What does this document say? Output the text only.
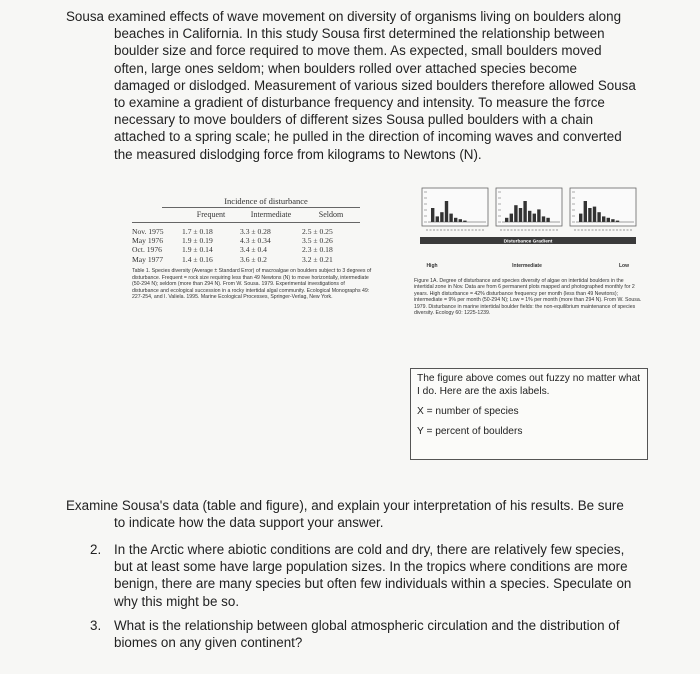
Sousa examined effects of wave movement on diversity of organisms living on boulders along beaches in California. In this study Sousa first determined the relationship between boulder size and force required to move them. As expected, small boulders moved often, large ones seldom; when boulders rolled over attached species become damaged or dislodged. Measurement of various sized boulders therefore allowed Sousa to examine a gradient of disturbance frequency and intensity. To measure the fσrce necessary to move boulders of different sizes Sousa pulled boulders with a chain attached to a spring scale; he pulled in the direction of incoming waves and converted the measured dislodging force from kilograms to Newtons (N).

Incidence of disturbance
Frequent	Intermediate	Seldom
Nov. 1975	1.7 ± 0.18	3.3 ± 0.28	2.5 ± 0.25
May 1976	1.9 ± 0.19	4.3 ± 0.34	3.5 ± 0.26
Oct. 1976	1.9 ± 0.14	3.4 ± 0.4	2.3 ± 0.18
May 1977	1.4 ± 0.16	3.6 ± 0.2	3.2 ± 0.21
Table 1. Species diversity (Average ± Standard Error) of macroalgae on boulders subject to 3 degrees of disturbance. Frequent = rock size requiring less than 49 Newtons (N) to move horizontally, intermediate (50-294 N); seldom (more than 294 N). From W. Sousa. 1979. Experimental investigations of disturbance and ecological succession in a rocky intertidal algal community. Ecological Monographs 49: 227-254, and I. Valiela. 1995. Marine Ecological Processes, Springer-Verlag, New York.
Disturbance Gradient
High	Intermediate	Low
Figure 1A. Degree of disturbance and species diversity of algae on intertidal boulders in the intertidal zone in Nov. Data are from 6 permanent plots mapped and photographed monthly for 2 years. High disturbance = 42% disturbance frequency per month (less than 49 Newtons); intermediate = 9% per month (50-294 N); Low = 1% per month (more than 294 N). From W. Sousa. 1979. Disturbance in marine intertidal boulder fields: the non-equilibrium maintenance of species diversity. Ecology 60: 1225-1239.

The figure above comes out fuzzy no matter what I do. Here are the axis labels.

X = number of species

Y = percent of boulders

Examine Sousa's data (table and figure), and explain your interpretation of his results. Be sure to indicate how the data support your answer.

2. In the Arctic where abiotic conditions are cold and dry, there are relatively few species, but at least some have large population sizes. In the tropics where conditions are more benign, there are many species but often few individuals within a species. Speculate on why this might be so.
3. What is the relationship between global atmospheric circulation and the distribution of biomes on any given continent?
